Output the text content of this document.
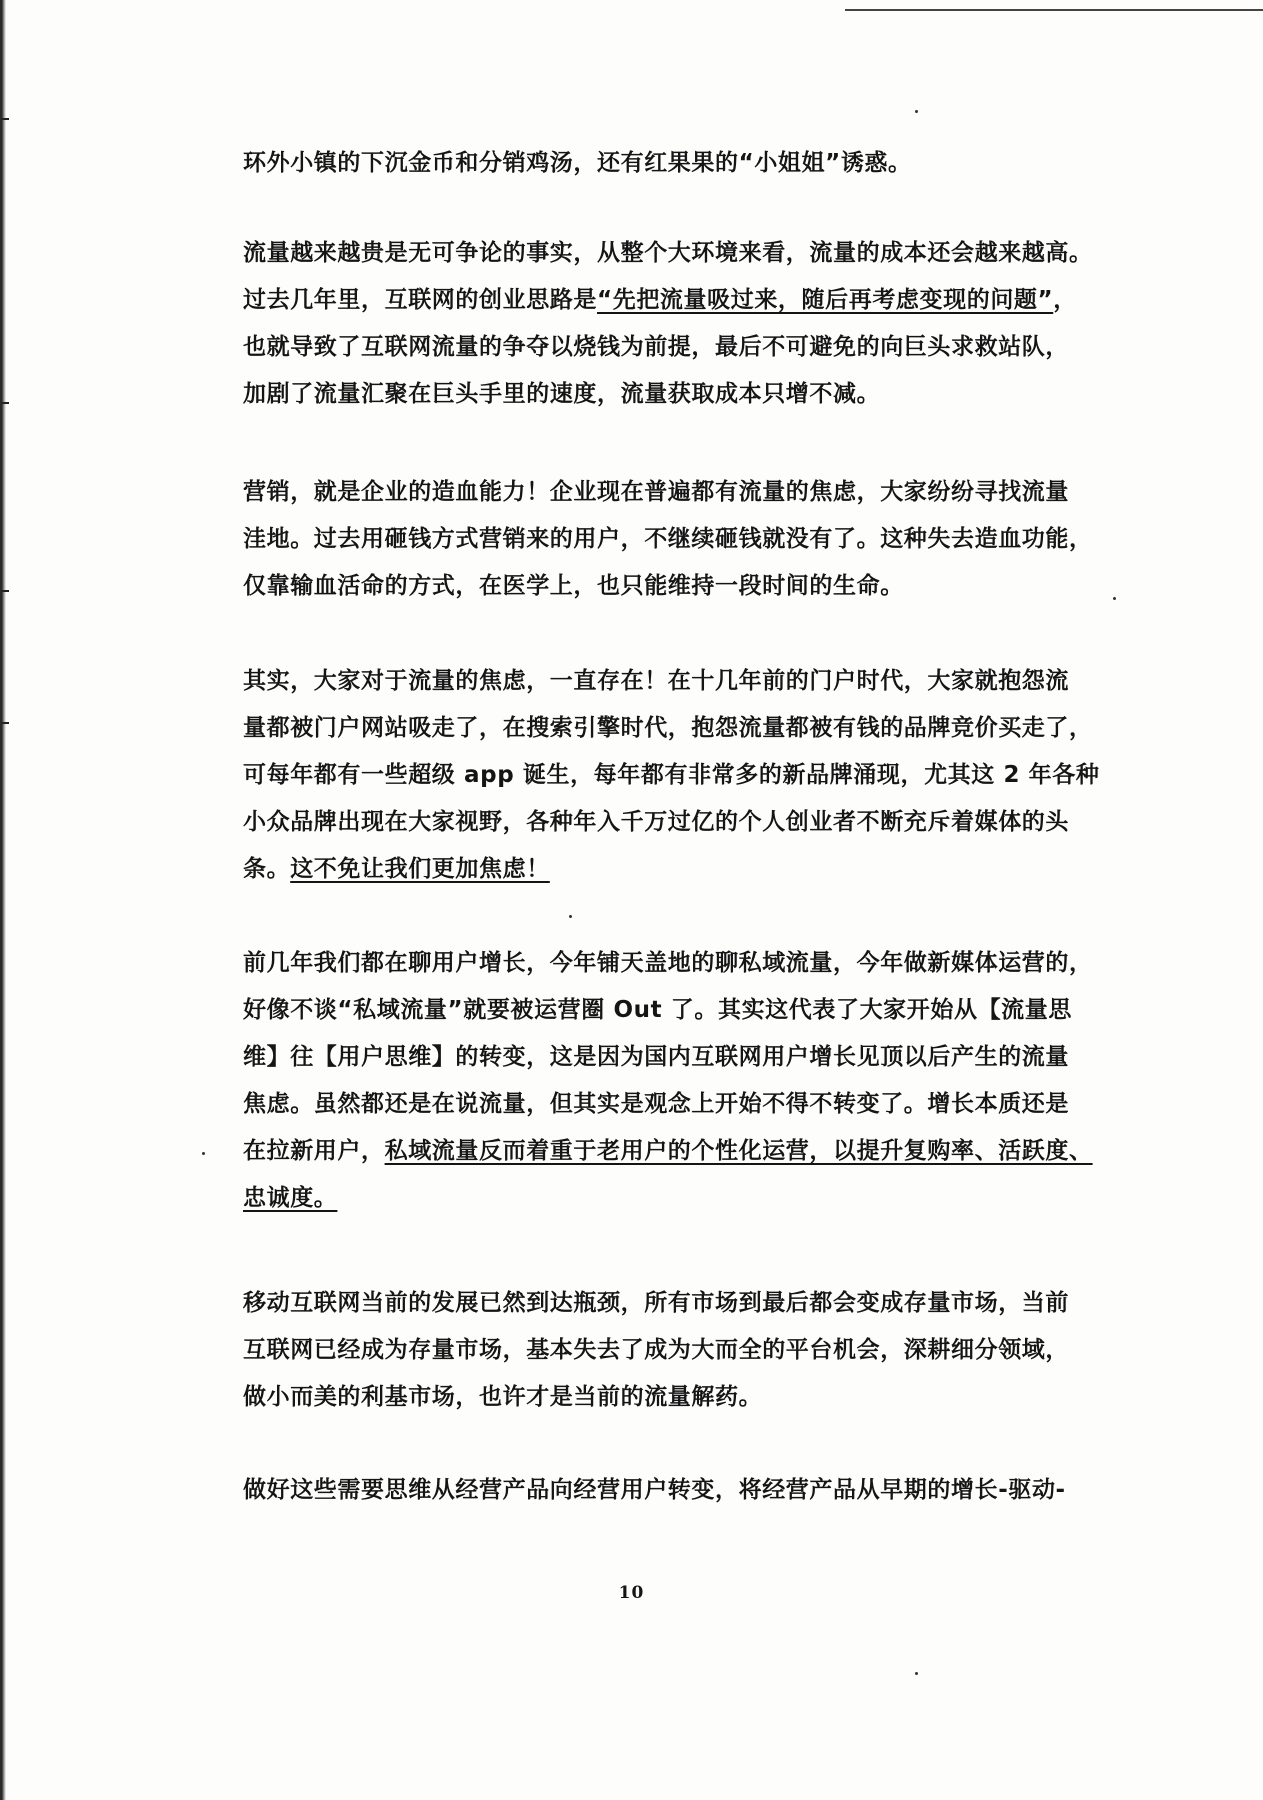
环外小镇的下沉金币和分销鸡汤，还有红果果的“小姐姐”诱惑。
流量越来越贵是无可争论的事实，从整个大环境来看，流量的成本还会越来越高。
过去几年里，互联网的创业思路是“先把流量吸过来，随后再考虑变现的问题”，
也就导致了互联网流量的争夺以烧钱为前提，最后不可避免的向巨头求救站队，
加剧了流量汇聚在巨头手里的速度，流量获取成本只增不减。
营销，就是企业的造血能力！企业现在普遍都有流量的焦虑，大家纷纷寻找流量
洼地。过去用砸钱方式营销来的用户，不继续砸钱就没有了。这种失去造血功能，
仅靠输血活命的方式，在医学上，也只能维持一段时间的生命。
其实，大家对于流量的焦虑，一直存在！在十几年前的门户时代，大家就抱怨流
量都被门户网站吸走了，在搜索引擎时代，抱怨流量都被有钱的品牌竞价买走了，
可每年都有一些超级 app 诞生，每年都有非常多的新品牌涌现，尤其这 2 年各种
小众品牌出现在大家视野，各种年入千万过亿的个人创业者不断充斥着媒体的头
条。这不免让我们更加焦虑！
前几年我们都在聊用户增长，今年铺天盖地的聊私域流量，今年做新媒体运营的，
好像不谈“私域流量”就要被运营圈 Out 了。其实这代表了大家开始从【流量思
维】往【用户思维】的转变，这是因为国内互联网用户增长见顶以后产生的流量
焦虑。虽然都还是在说流量，但其实是观念上开始不得不转变了。增长本质还是
在拉新用户，私域流量反而着重于老用户的个性化运营，以提升复购率、活跃度、
忠诚度。
移动互联网当前的发展已然到达瓶颈，所有市场到最后都会变成存量市场，当前
互联网已经成为存量市场，基本失去了成为大而全的平台机会，深耕细分领域，
做小而美的利基市场，也许才是当前的流量解药。
做好这些需要思维从经营产品向经营用户转变，将经营产品从早期的增长-驱动-
10
